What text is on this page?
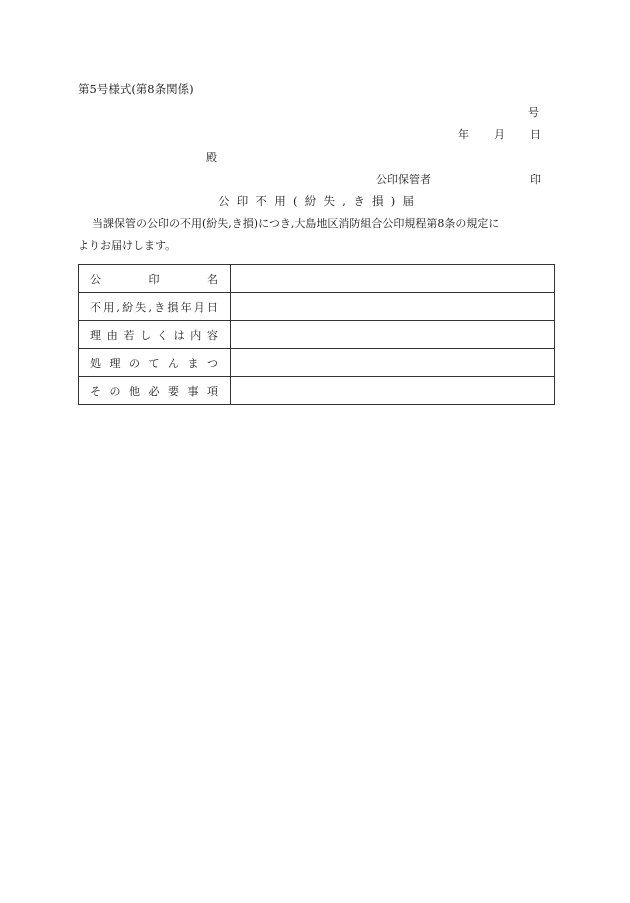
第5号様式(第8条関係)
号
年 月 日
殿
公印保管者	印
公印不用(紛失,き損)届
当課保管の公印の不用(紛失,き損)につき,大島地区消防組合公印規程第8条の規定に
よりお届けします。
公　　印　　名	

不用,紛失,き損年月日	

理由若しくは内容	

処理のてんまつ	

その他必要事項	
